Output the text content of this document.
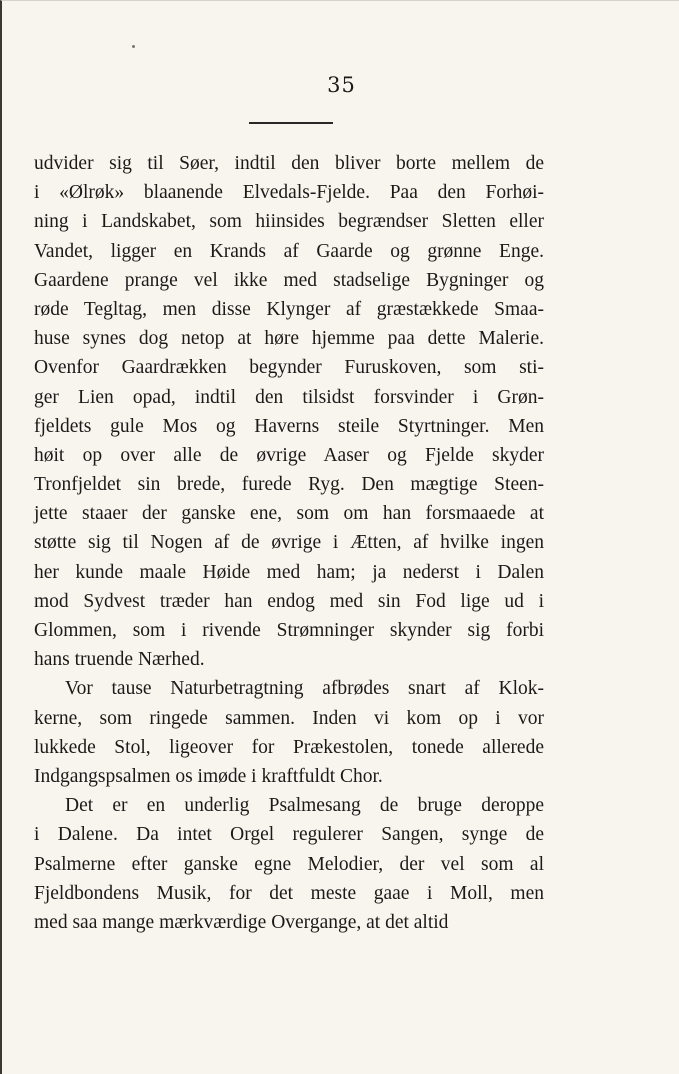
35
udvider sig til Søer, indtil den bliver borte mellem de
i «Ølrøk» blaanende Elvedals-Fjelde. Paa den Forhøi-
ning i Landskabet, som hiinsides begrændser Sletten eller
Vandet, ligger en Krands af Gaarde og grønne Enge.
Gaardene prange vel ikke med stadselige Bygninger og
røde Tegltag, men disse Klynger af græstækkede Smaa-
huse synes dog netop at høre hjemme paa dette Malerie.
Ovenfor Gaardrækken begynder Furuskoven, som sti-
ger Lien opad, indtil den tilsidst forsvinder i Grøn-
fjeldets gule Mos og Haverns steile Styrtninger. Men
høit op over alle de øvrige Aaser og Fjelde skyder
Tronfjeldet sin brede, furede Ryg. Den mægtige Steen-
jette staaer der ganske ene, som om han forsmaaede at
støtte sig til Nogen af de øvrige i Ætten, af hvilke ingen
her kunde maale Høide med ham; ja nederst i Dalen
mod Sydvest træder han endog med sin Fod lige ud i
Glommen, som i rivende Strømninger skynder sig forbi
hans truende Nærhed.
Vor tause Naturbetragtning afbrødes snart af Klok-
kerne, som ringede sammen. Inden vi kom op i vor
lukkede Stol, ligeover for Prækestolen, tonede allerede
Indgangspsalmen os imøde i kraftfuldt Chor.
Det er en underlig Psalmesang de bruge deroppe
i Dalene. Da intet Orgel regulerer Sangen, synge de
Psalmerne efter ganske egne Melodier, der vel som al
Fjeldbondens Musik, for det meste gaae i Moll, men
med saa mange mærkværdige Overgange, at det altid
